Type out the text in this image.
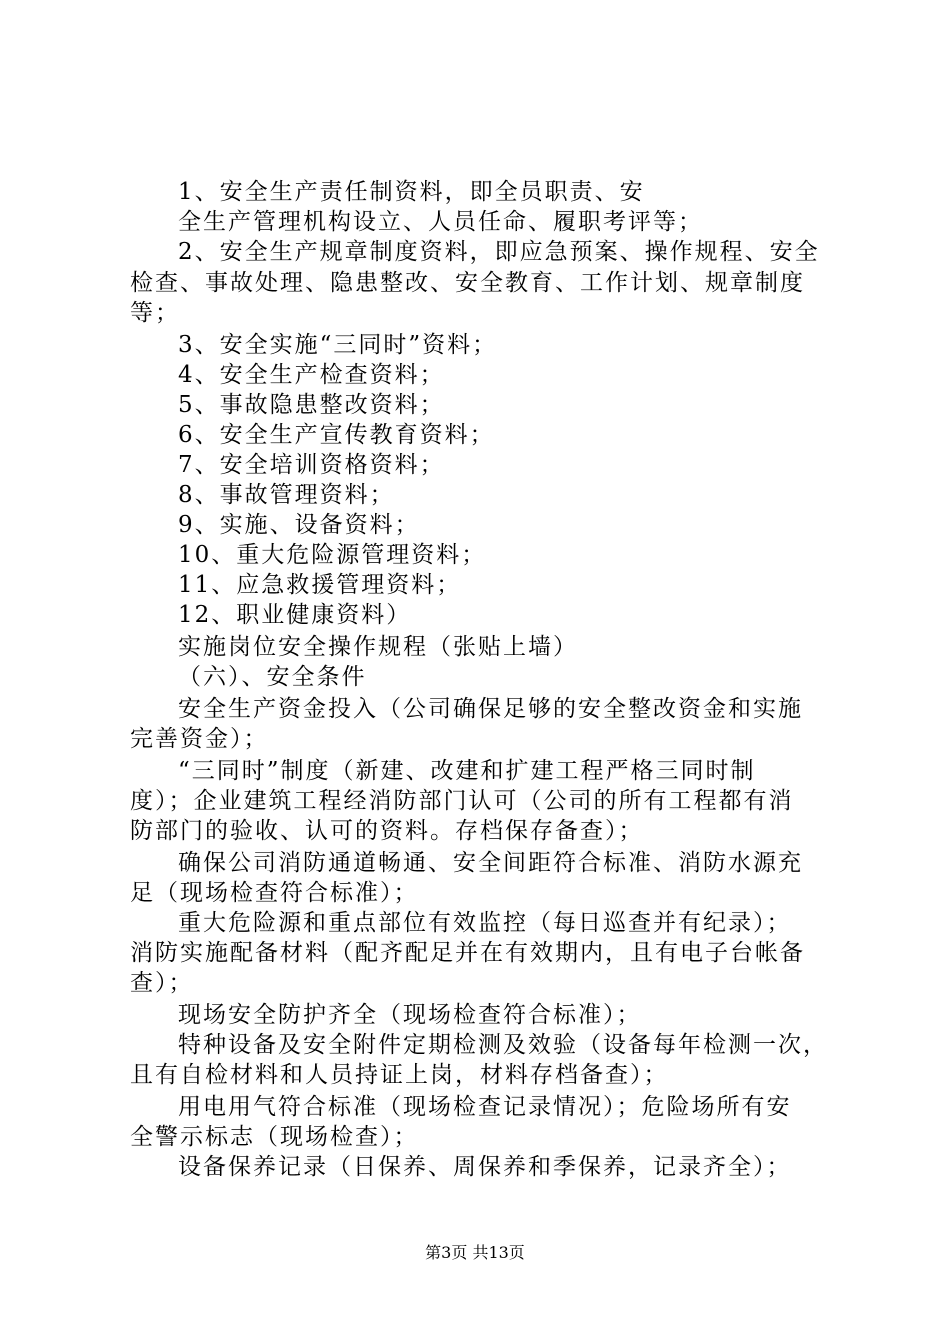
1、安全生产责任制资料，即全员职责、安
全生产管理机构设立、人员任命、履职考评等；
2、安全生产规章制度资料，即应急预案、操作规程、安全
检查、事故处理、隐患整改、安全教育、工作计划、规章制度
等；
3、安全实施“三同时”资料；
4、安全生产检查资料；
5、事故隐患整改资料；
6、安全生产宣传教育资料；
7、安全培训资格资料；
8、事故管理资料；
9、实施、设备资料；
10、重大危险源管理资料；
11、应急救援管理资料；
12、职业健康资料）
实施岗位安全操作规程（张贴上墙）
（六）、安全条件
安全生产资金投入（公司确保足够的安全整改资金和实施
完善资金）；
“三同时”制度（新建、改建和扩建工程严格三同时制
度）；企业建筑工程经消防部门认可（公司的所有工程都有消
防部门的验收、认可的资料。存档保存备查）；
确保公司消防通道畅通、安全间距符合标准、消防水源充
足（现场检查符合标准）；
重大危险源和重点部位有效监控（每日巡查并有纪录）；
消防实施配备材料（配齐配足并在有效期内，且有电子台帐备
查）；
现场安全防护齐全（现场检查符合标准）；
特种设备及安全附件定期检测及效验（设备每年检测一次，
且有自检材料和人员持证上岗，材料存档备查）；
用电用气符合标准（现场检查记录情况）；危险场所有安
全警示标志（现场检查）；
设备保养记录（日保养、周保养和季保养，记录齐全）；
第3页 共13页
